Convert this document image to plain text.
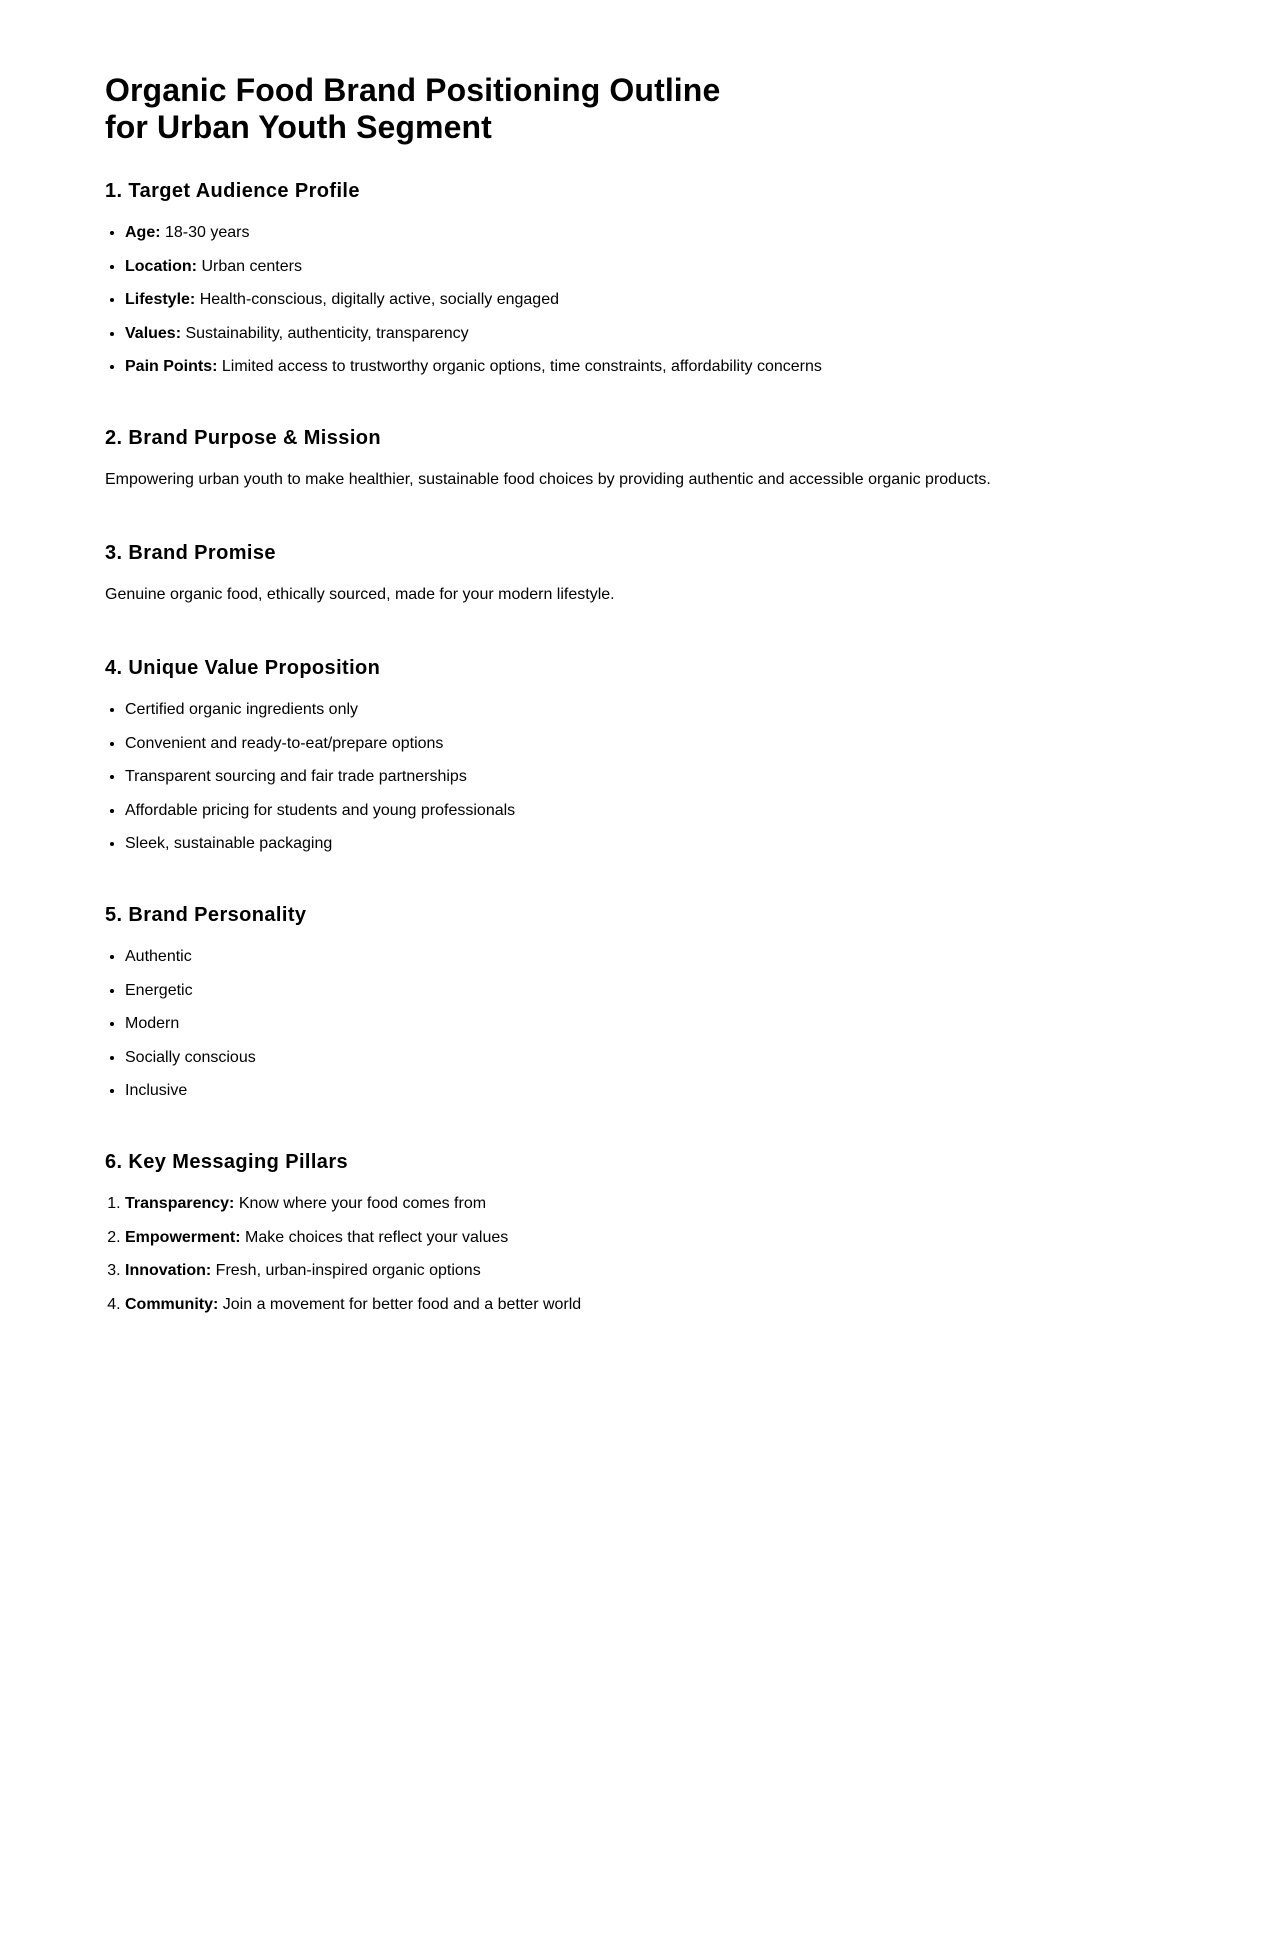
Organic Food Brand Positioning Outline
for Urban Youth Segment
1. Target Audience Profile
• Age: 18-30 years
• Location: Urban centers
• Lifestyle: Health-conscious, digitally active, socially engaged
• Values: Sustainability, authenticity, transparency
• Pain Points: Limited access to trustworthy organic options, time constraints, affordability concerns
2. Brand Purpose & Mission

Empowering urban youth to make healthier, sustainable food choices by providing authentic and accessible organic products.

3. Brand Promise

Genuine organic food, ethically sourced, made for your modern lifestyle.

4. Unique Value Proposition
• Certified organic ingredients only
• Convenient and ready-to-eat/prepare options
• Transparent sourcing and fair trade partnerships
• Affordable pricing for students and young professionals
• Sleek, sustainable packaging
5. Brand Personality
• Authentic
• Energetic
• Modern
• Socially conscious
• Inclusive
6. Key Messaging Pillars
1. Transparency: Know where your food comes from
2. Empowerment: Make choices that reflect your values
3. Innovation: Fresh, urban-inspired organic options
4. Community: Join a movement for better food and a better world
